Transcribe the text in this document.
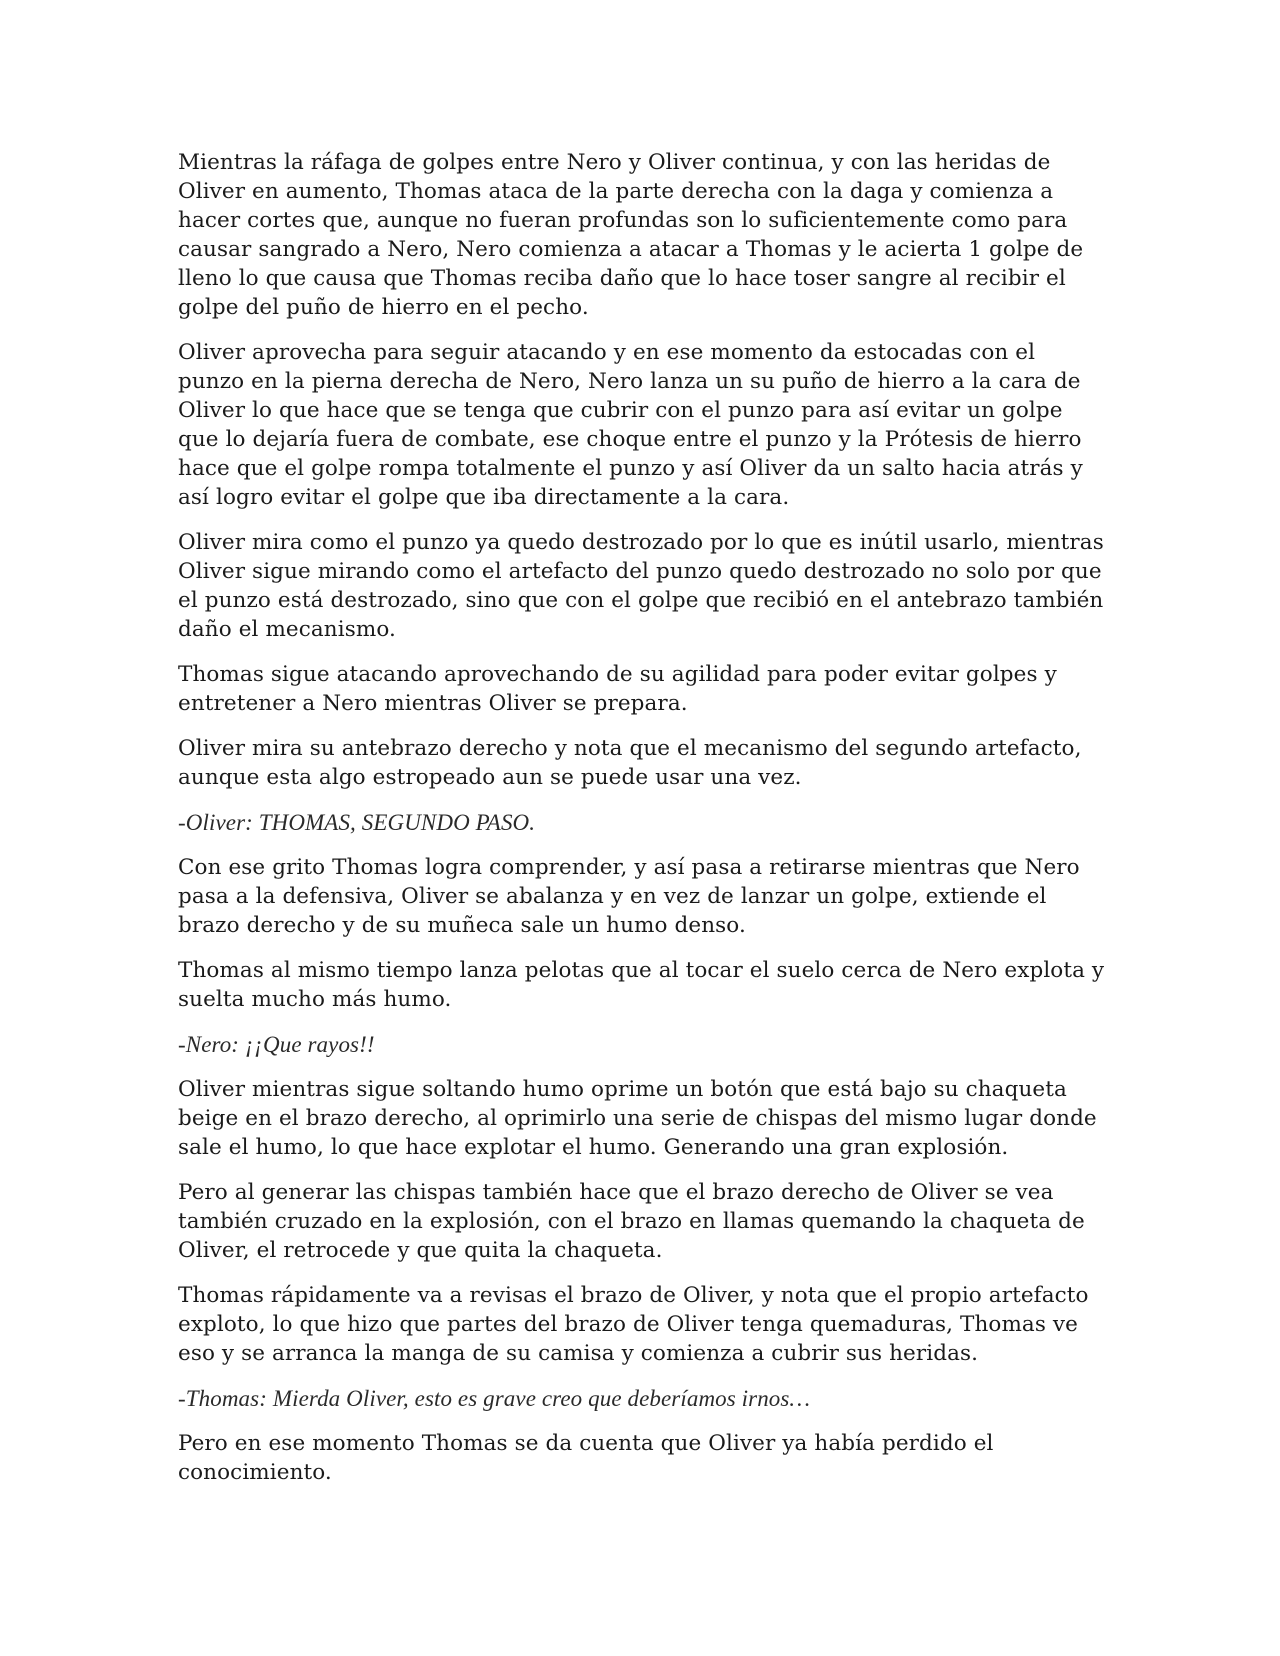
Mientras la ráfaga de golpes entre Nero y Oliver continua, y con las heridas de Oliver en aumento, Thomas ataca de la parte derecha con la daga y comienza a hacer cortes que, aunque no fueran profundas son lo suficientemente como para causar sangrado a Nero, Nero comienza a atacar a Thomas y le acierta 1 golpe de lleno lo que causa que Thomas reciba daño que lo hace toser sangre al recibir el golpe del puño de hierro en el pecho.

Oliver aprovecha para seguir atacando y en ese momento da estocadas con el punzo en la pierna derecha de Nero, Nero lanza un su puño de hierro a la cara de Oliver lo que hace que se tenga que cubrir con el punzo para así evitar un golpe que lo dejaría fuera de combate, ese choque entre el punzo y la Prótesis de hierro hace que el golpe rompa totalmente el punzo y así Oliver da un salto hacia atrás y así logro evitar el golpe que iba directamente a la cara.

Oliver mira como el punzo ya quedo destrozado por lo que es inútil usarlo, mientras Oliver sigue mirando como el artefacto del punzo quedo destrozado no solo por que el punzo está destrozado, sino que con el golpe que recibió en el antebrazo también daño el mecanismo.

Thomas sigue atacando aprovechando de su agilidad para poder evitar golpes y entretener a Nero mientras Oliver se prepara.

Oliver mira su antebrazo derecho y nota que el mecanismo del segundo artefacto, aunque esta algo estropeado aun se puede usar una vez.

-Oliver: THOMAS, SEGUNDO PASO.

Con ese grito Thomas logra comprender, y así pasa a retirarse mientras que Nero pasa a la defensiva, Oliver se abalanza y en vez de lanzar un golpe, extiende el brazo derecho y de su muñeca sale un humo denso.

Thomas al mismo tiempo lanza pelotas que al tocar el suelo cerca de Nero explota y suelta mucho más humo.

-Nero: ¡¡Que rayos!!

Oliver mientras sigue soltando humo oprime un botón que está bajo su chaqueta beige en el brazo derecho, al oprimirlo una serie de chispas del mismo lugar donde sale el humo, lo que hace explotar el humo. Generando una gran explosión.

Pero al generar las chispas también hace que el brazo derecho de Oliver se vea también cruzado en la explosión, con el brazo en llamas quemando la chaqueta de Oliver, el retrocede y que quita la chaqueta.

Thomas rápidamente va a revisas el brazo de Oliver, y nota que el propio artefacto exploto, lo que hizo que partes del brazo de Oliver tenga quemaduras, Thomas ve eso y se arranca la manga de su camisa y comienza a cubrir sus heridas.

-Thomas: Mierda Oliver, esto es grave creo que deberíamos irnos…

Pero en ese momento Thomas se da cuenta que Oliver ya había perdido el conocimiento.
